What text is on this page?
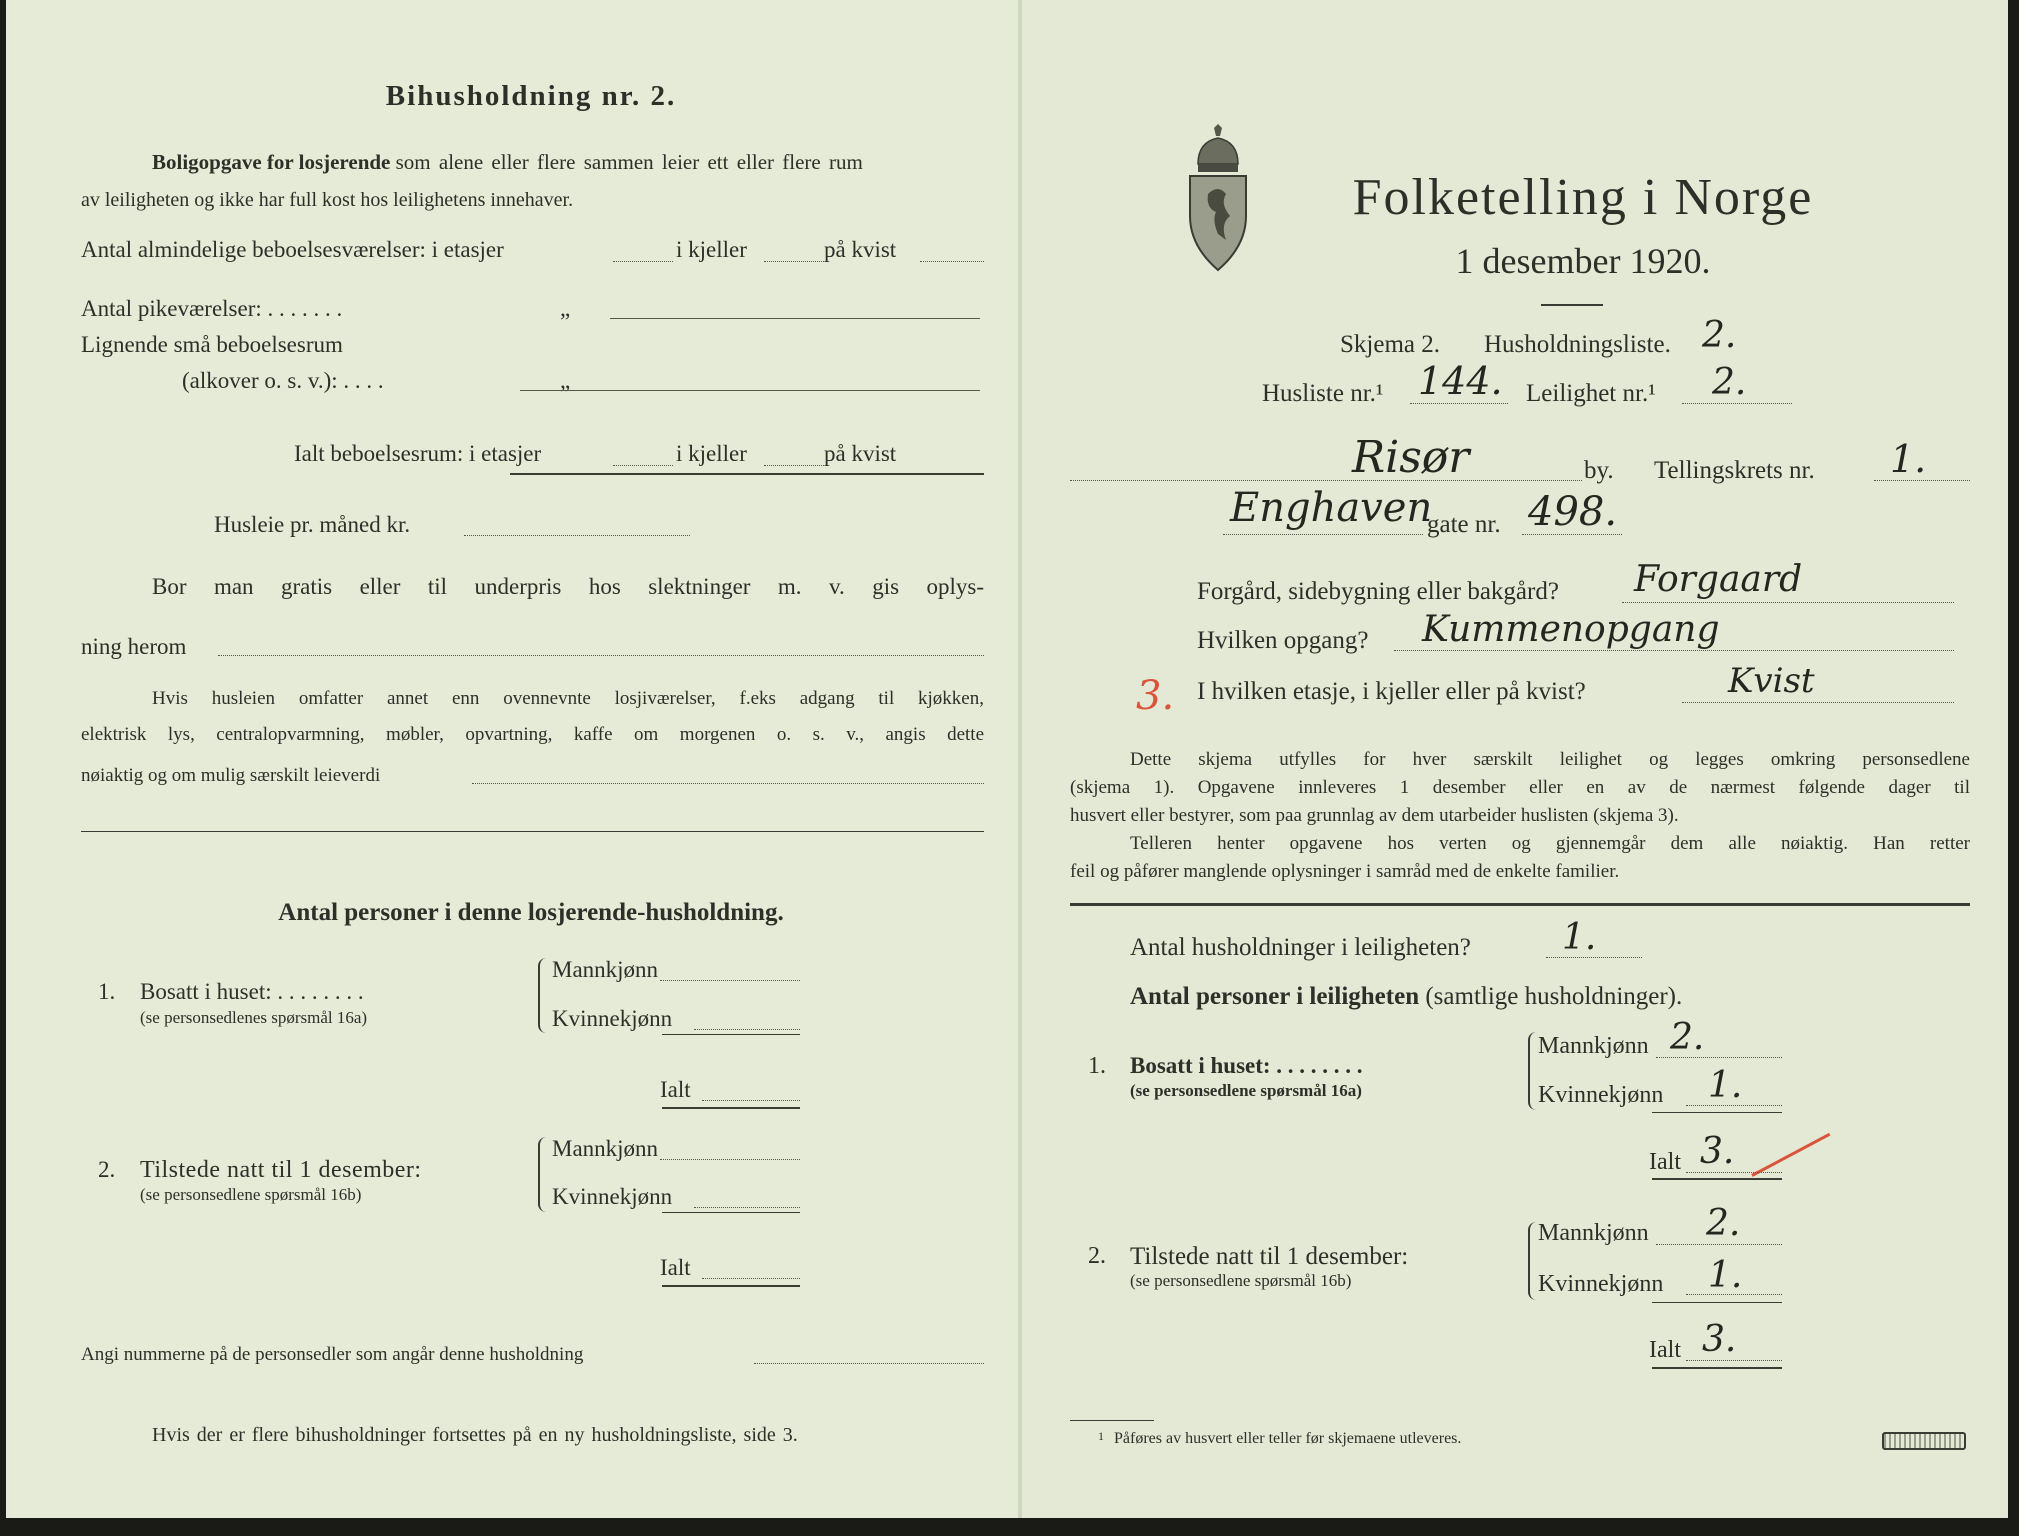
Bihusholdning nr. 2.
Boligopgave for losjerende som alene eller flere sammen leier ett eller flere rum
av leiligheten og ikke har full kost hos leilighetens innehaver.
Antal almindelige beboelsesværelser: i etasjer	i kjeller	på kvist
Antal pikeværelser: . . . . . . .	„
Lignende små beboelsesrum
(alkover o. s. v.): . . . .	„
Ialt beboelsesrum: i etasjer	i kjeller	på kvist
Husleie pr. måned kr.
Bor man gratis eller til underpris hos slektninger m. v. gis oplys-
ning herom
Hvis husleien omfatter annet enn ovennevnte losjiværelser, f.eks adgang til kjøkken,
elektrisk lys, centralopvarmning, møbler, opvartning, kaffe om morgenen o. s. v., angis dette
nøiaktig og om mulig særskilt leieverdi
Antal personer i denne losjerende-husholdning.
1. Bosatt i huset: . . . . . . . .
(se personsedlenes spørsmål 16a)
Mannkjønn
Kvinnekjønn
Ialt
2. Tilstede natt til 1 desember:
(se personsedlene spørsmål 16b)
Mannkjønn
Kvinnekjønn
Ialt
Angi nummerne på de personsedler som angår denne husholdning
Hvis der er flere bihusholdninger fortsettes på en ny husholdningsliste, side 3.
Folketelling i Norge
1 desember 1920.
Skjema 2. Husholdningsliste. 2.
Husliste nr.¹ 144. Leilighet nr.¹ 2.
Risør	by. Tellingskrets nr. 1.
Enghaven
gate nr. 498.
Forgård, sidebygning eller bakgård? Forgaard
Hvilken opgang? Kummenopgang
3. I hvilken etasje, i kjeller eller på kvist?	Kvist
Dette skjema utfylles for hver særskilt leilighet og legges omkring personsedlene
(skjema 1). Opgavene innleveres 1 desember eller en av de nærmest følgende dager til
husvert eller bestyrer, som paa grunnlag av dem utarbeider huslisten (skjema 3).
Telleren henter opgavene hos verten og gjennemgår dem alle nøiaktig. Han retter
feil og påfører manglende oplysninger i samråd med de enkelte familier.
Antal husholdninger i leiligheten?	1.
Antal personer i leiligheten (samtlige husholdninger).
1. Bosatt i huset: . . . . . . . .
(se personsedlene spørsmål 16a)
Mannkjønn 2.
Kvinnekjønn 1.
Ialt 3.
2. Tilstede natt til 1 desember:
(se personsedlene spørsmål 16b)
Mannkjønn 2.
Kvinnekjønn 1.
Ialt 3.
1 Påføres av husvert eller teller før skjemaene utleveres.
